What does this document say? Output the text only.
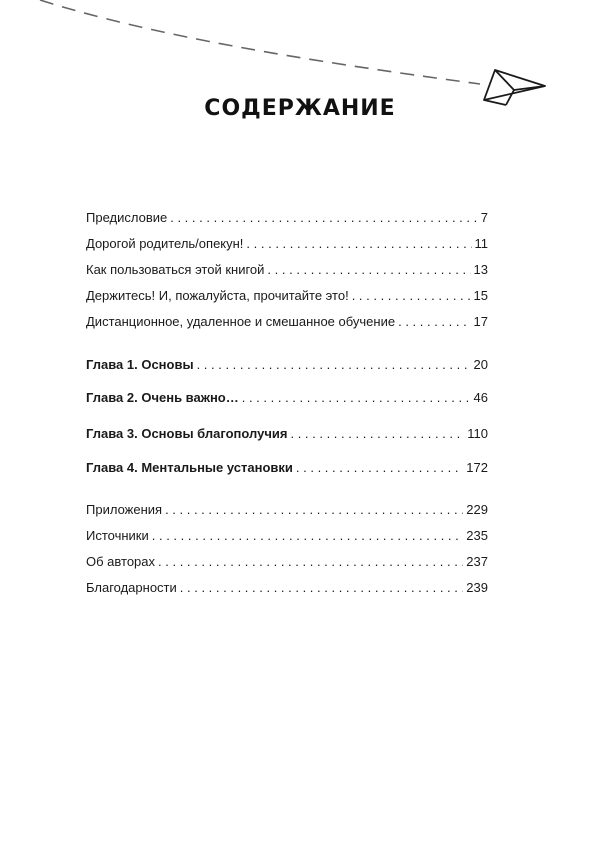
СОДЕРЖАНИЕ
Предисловие . . .	7
Дорогой родитель/опекун! . . .	11
Как пользоваться этой книгой . . .	13
Держитесь! И, пожалуйста, прочитайте это! . . .	15
Дистанционное, удаленное и смешанное обучение . . .	17
Глава 1. Основы . . .	20
Глава 2. Очень важно… . . .	46
Глава 3. Основы благополучия . . .	110
Глава 4. Ментальные установки . . .	172
Приложения . . .	229
Источники . . .	235
Об авторах . . .	237
Благодарности . . .	239
